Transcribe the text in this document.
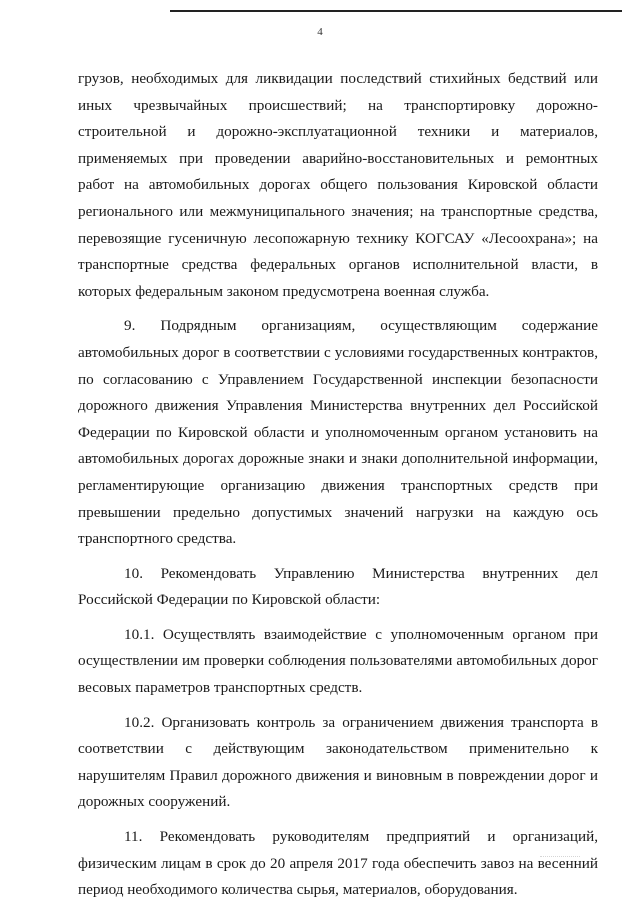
4

грузов, необходимых для ликвидации последствий стихийных бедствий или иных чрезвычайных происшествий; на транспортировку дорожно-строительной и дорожно-эксплуатационной техники и материалов, применяемых при проведении аварийно-восстановительных и ремонтных работ на автомобильных дорогах общего пользования Кировской области регионального или межмуниципального значения; на транспортные средства, перевозящие гусеничную лесопожарную технику КОГСАУ «Лесоохрана»; на транспортные средства федеральных органов исполнительной власти, в которых федеральным законом предусмотрена военная служба.

9. Подрядным организациям, осуществляющим содержание автомобильных дорог в соответствии с условиями государственных контрактов, по согласованию с Управлением Государственной инспекции безопасности дорожного движения Управления Министерства внутренних дел Российской Федерации по Кировской области и уполномоченным органом установить на автомобильных дорогах дорожные знаки и знаки дополнительной информации, регламентирующие организацию движения транспортных средств при превышении предельно допустимых значений нагрузки на каждую ось транспортного средства.

10. Рекомендовать Управлению Министерства внутренних дел Российской Федерации по Кировской области:

10.1. Осуществлять взаимодействие с уполномоченным органом при осуществлении им проверки соблюдения пользователями автомобильных дорог весовых параметров транспортных средств.

10.2. Организовать контроль за ограничением движения транспорта в соответствии с действующим законодательством применительно к нарушителям Правил дорожного движения и виновным в повреждении дорог и дорожных сооружений.

11. Рекомендовать руководителям предприятий и организаций, физическим лицам в срок до 20 апреля 2017 года обеспечить завоз на весенний период необходимого количества сырья, материалов, оборудования.
